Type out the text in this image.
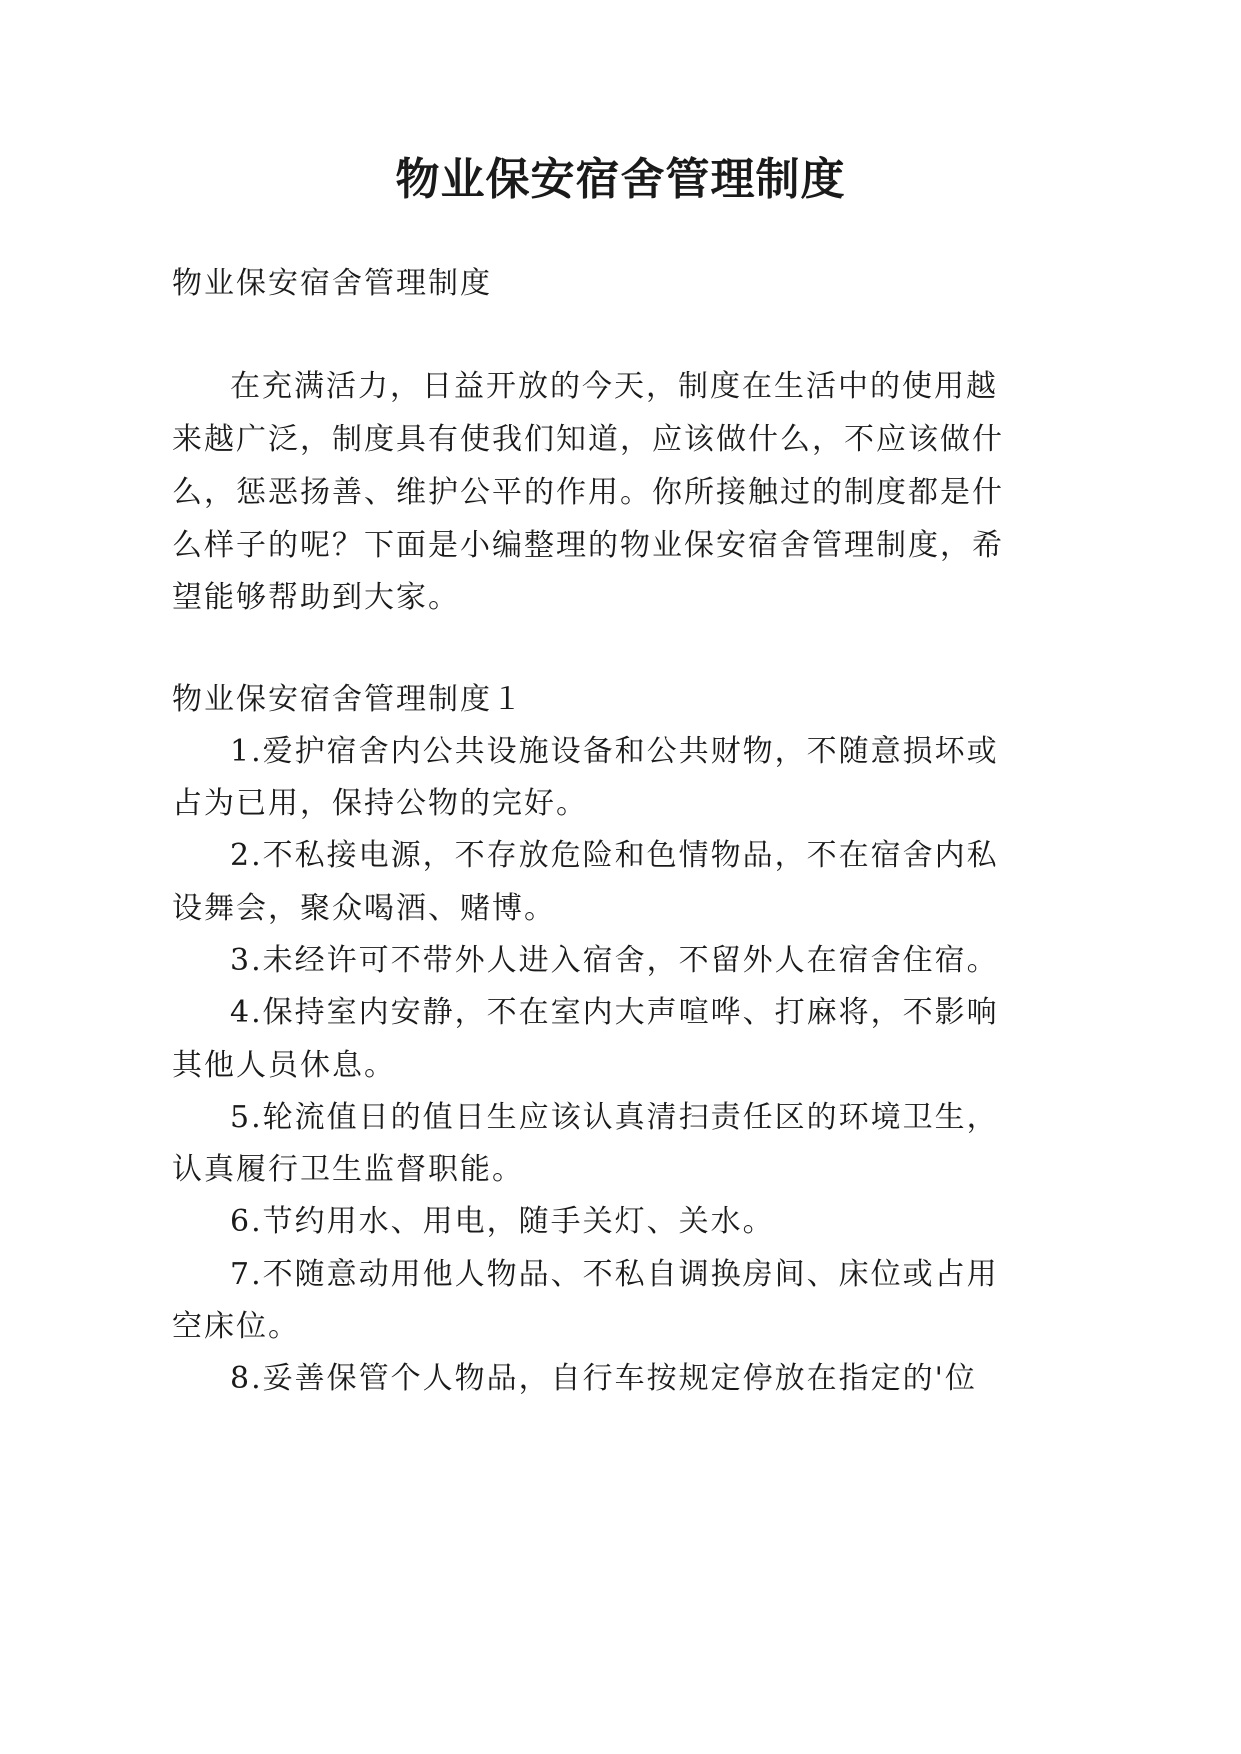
物业保安宿舍管理制度
物业保安宿舍管理制度
在充满活力，日益开放的今天，制度在生活中的使用越
来越广泛，制度具有使我们知道，应该做什么，不应该做什
么，惩恶扬善、维护公平的作用。你所接触过的制度都是什
么样子的呢？下面是小编整理的物业保安宿舍管理制度，希
望能够帮助到大家。
物业保安宿舍管理制度１
1.爱护宿舍内公共设施设备和公共财物，不随意损坏或
占为已用，保持公物的完好。
2.不私接电源，不存放危险和色情物品，不在宿舍内私
设舞会，聚众喝酒、赌博。
3.未经许可不带外人进入宿舍，不留外人在宿舍住宿。
4.保持室内安静，不在室内大声喧哗、打麻将，不影响
其他人员休息。
5.轮流值日的值日生应该认真清扫责任区的环境卫生，
认真履行卫生监督职能。
6.节约用水、用电，随手关灯、关水。
7.不随意动用他人物品、不私自调换房间、床位或占用
空床位。
8.妥善保管个人物品，自行车按规定停放在指定的'位
